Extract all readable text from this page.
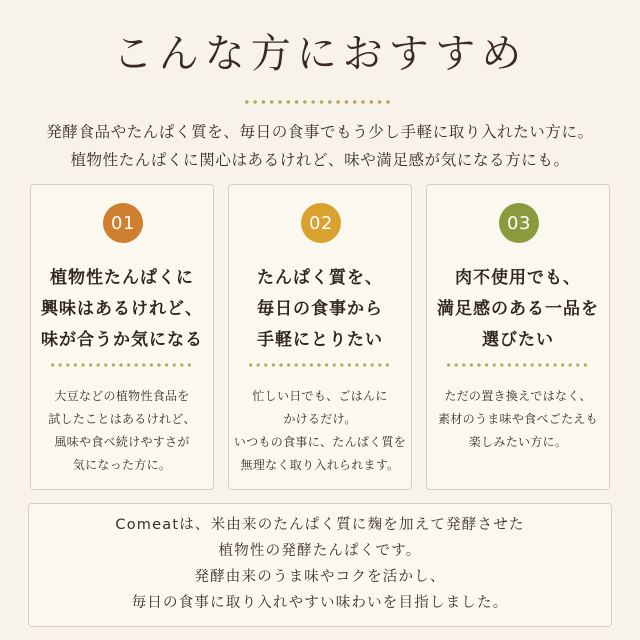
こんな方におすすめ
発酵食品やたんぱく質を、毎日の食事でもう少し手軽に取り入れたい方に。
植物性たんぱくに関心はあるけれど、味や満足感が気になる方にも。
01
植物性たんぱくに
興味はあるけれど、
味が合うか気になる
大豆などの植物性食品を
試したことはあるけれど、
風味や食べ続けやすさが
気になった方に。
02
たんぱく質を、
毎日の食事から
手軽にとりたい
忙しい日でも、ごはんに
かけるだけ。
いつもの食事に、たんぱく質を
無理なく取り入れられます。
03
肉不使用でも、
満足感のある一品を
選びたい
ただの置き換えではなく、
素材のうま味や食べごたえも
楽しみたい方に。
Comeatは、米由来のたんぱく質に麹を加えて発酵させた
植物性の発酵たんぱくです。
発酵由来のうま味やコクを活かし、
毎日の食事に取り入れやすい味わいを目指しました。
